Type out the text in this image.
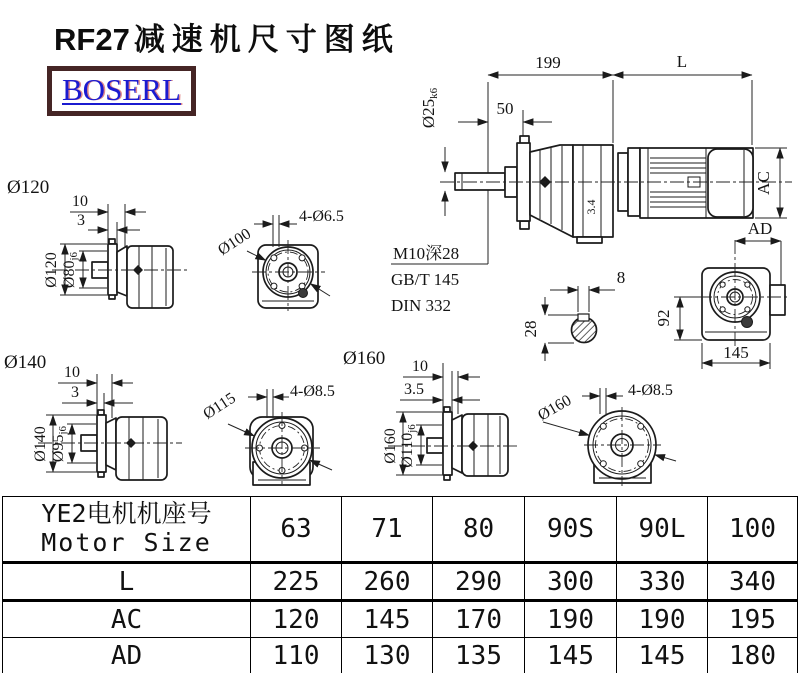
199	L
50
Ø25k6
3.4
AC
AD
M10深28
GB/T 145
DIN 332
8
28
92
145
Ø120
10
3
Ø120 Ø80j6
4-Ø6.5
Ø100
Ø140 10
3
Ø140 Ø95j6
4-Ø8.5
Ø115
Ø160 10
3.5
Ø160 Ø110j6
4-Ø8.5
Ø160
RF27 减速机尺寸图纸
BOSERL
YE2电机机座号
Motor Size	63	71	80	90S	90L	100
L	225	260	290	300	330	340
AC	120	145	170	190	190	195
AD	110	130	135	145	145	180
